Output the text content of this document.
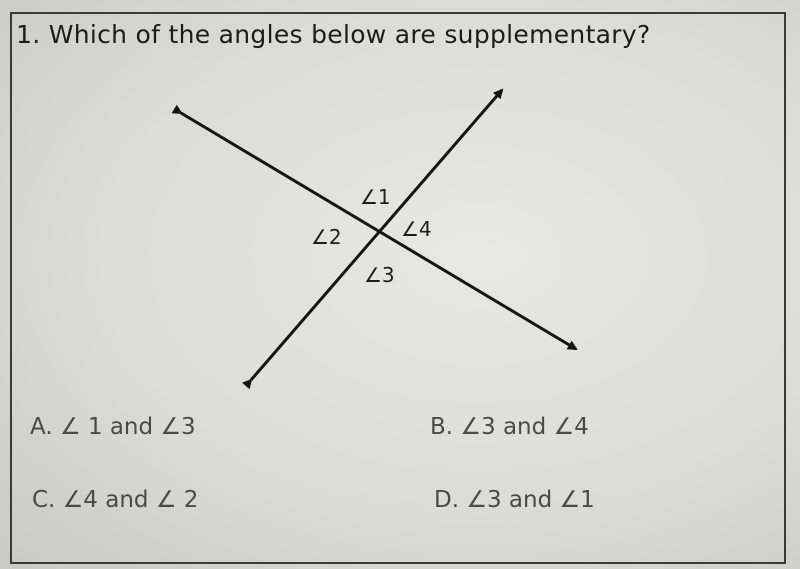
1. Which of the angles below are supplementary?
∠1
∠2	∠4
∠3
A. ∠ 1 and ∠3	B. ∠3 and ∠4
C. ∠4 and ∠ 2	D. ∠3 and ∠1
